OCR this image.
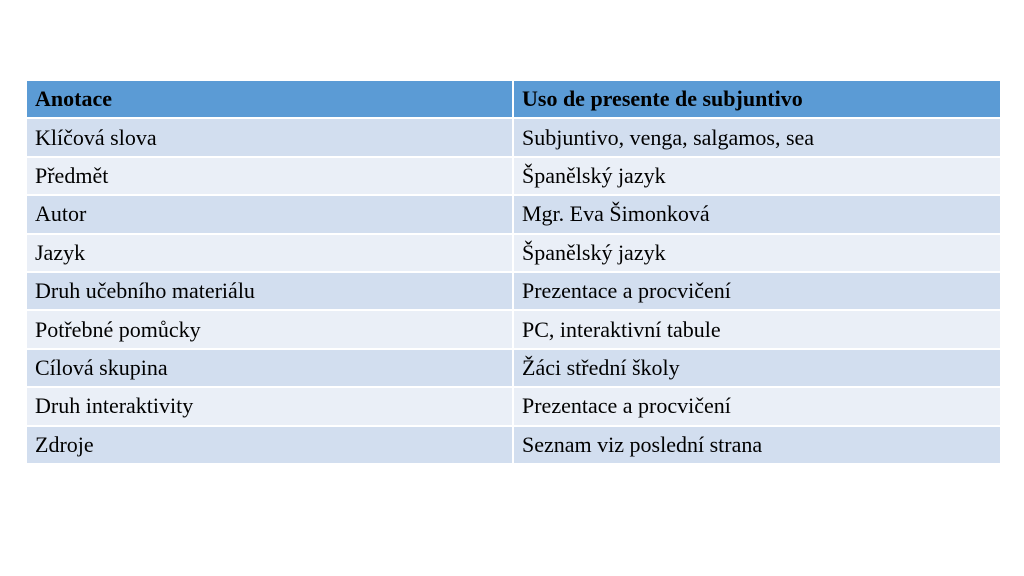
Anotace	Uso de presente de subjuntivo
Klíčová slova	Subjuntivo, venga, salgamos, sea
Předmět	Španělský jazyk
Autor	Mgr. Eva Šimonková
Jazyk	Španělský jazyk
Druh učebního materiálu	Prezentace a procvičení
Potřebné pomůcky	PC, interaktivní tabule
Cílová skupina	Žáci střední školy
Druh interaktivity	Prezentace a procvičení
Zdroje	Seznam viz poslední strana
